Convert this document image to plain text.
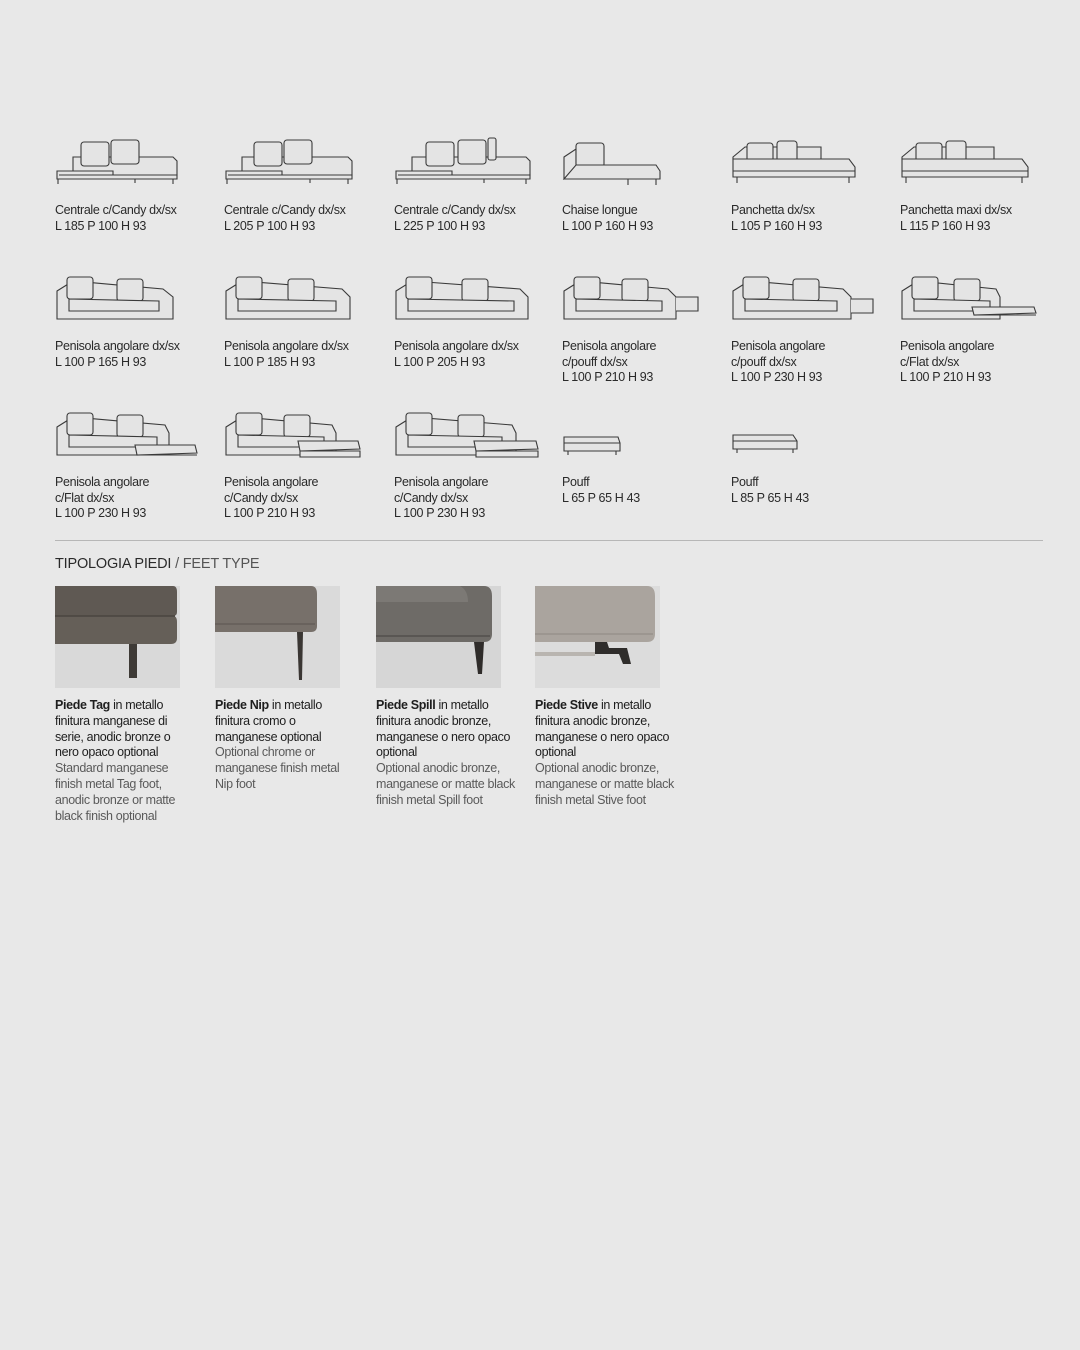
Centrale c/Candy dx/sx
L 185 P 100 H 93
Centrale c/Candy dx/sx
L 205 P 100 H 93
Centrale c/Candy dx/sx
L 225 P 100 H 93
Chaise longue
L 100 P 160 H 93
Panchetta dx/sx
L 105 P 160 H 93
Panchetta maxi dx/sx
L 115 P 160 H 93
Penisola angolare dx/sx
L 100 P 165 H 93
Penisola angolare dx/sx
L 100 P 185 H 93
Penisola angolare dx/sx
L 100 P 205 H 93
Penisola angolare
c/pouff dx/sx
L 100 P 210 H 93
Penisola angolare
c/pouff dx/sx
L 100 P 230 H 93
Penisola angolare
c/Flat dx/sx
L 100 P 210 H 93
Penisola angolare
c/Flat dx/sx
L 100 P 230 H 93
Penisola angolare
c/Candy dx/sx
L 100 P 210 H 93
Penisola angolare
c/Candy dx/sx
L 100 P 230 H 93
Pouff
L 65 P 65 H 43
Pouff
L 85 P 65 H 43
TIPOLOGIA PIEDI / FEET TYPE

Piede Tag in metallo finitura manganese di serie, anodic bronze o nero opaco optional
Standard manganese finish metal Tag foot, anodic bronze or matte black finish optional

Piede Nip in metallo finitura cromo o manganese optional
Optional chrome or manganese finish metal Nip foot

Piede Spill in metallo finitura anodic bronze, manganese o nero opaco optional
Optional anodic bronze, manganese or matte black finish metal Spill foot

Piede Stive in metallo finitura anodic bronze, manganese o nero opaco optional
Optional anodic bronze, manganese or matte black finish metal Stive foot
